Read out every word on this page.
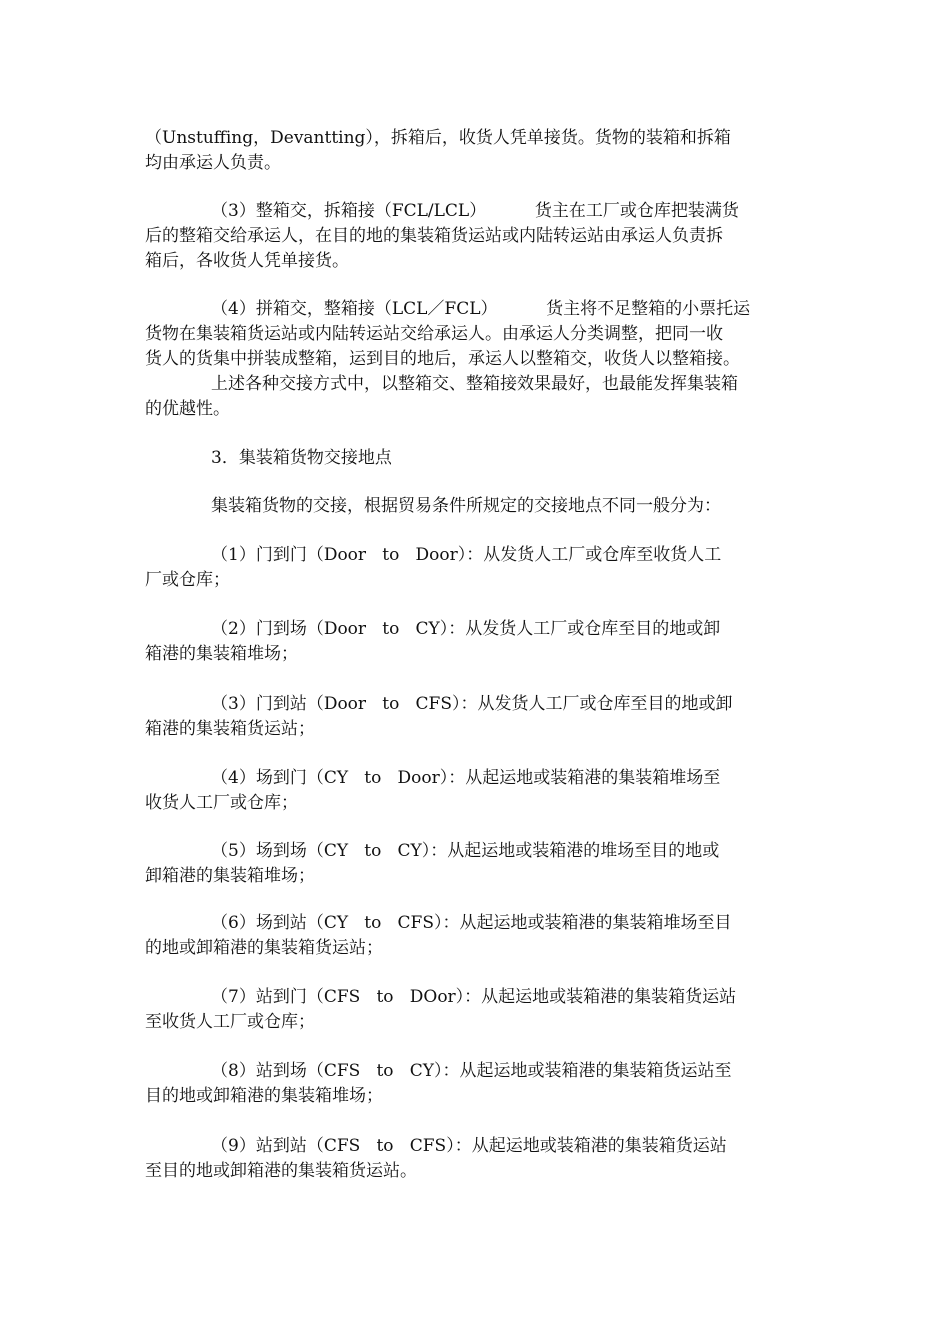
（Unstuffing，Devantting），拆箱后，收货人凭单接货。货物的装箱和拆箱
均由承运人负责。
（3）整箱交，拆箱接（FCL/LCL）         货主在工厂或仓库把装满货
后的整箱交给承运人，在目的地的集装箱货运站或内陆转运站由承运人负责拆
箱后，各收货人凭单接货。
（4）拼箱交，整箱接（LCL／FCL）         货主将不足整箱的小票托运
货物在集装箱货运站或内陆转运站交给承运人。由承运人分类调整，把同一收
货人的货集中拼装成整箱，运到目的地后，承运人以整箱交，收货人以整箱接。
上述各种交接方式中，以整箱交、整箱接效果最好，也最能发挥集装箱
的优越性。
3．集装箱货物交接地点
集装箱货物的交接，根据贸易条件所规定的交接地点不同一般分为：
（1）门到门（Door   to   Door）：从发货人工厂或仓库至收货人工
厂或仓库；
（2）门到场（Door   to   CY）：从发货人工厂或仓库至目的地或卸
箱港的集装箱堆场；
（3）门到站（Door   to   CFS）：从发货人工厂或仓库至目的地或卸
箱港的集装箱货运站；
（4）场到门（CY   to   Door）：从起运地或装箱港的集装箱堆场至
收货人工厂或仓库；
（5）场到场（CY   to   CY）：从起运地或装箱港的堆场至目的地或
卸箱港的集装箱堆场；
（6）场到站（CY   to   CFS）：从起运地或装箱港的集装箱堆场至目
的地或卸箱港的集装箱货运站；
（7）站到门（CFS   to   DOor）：从起运地或装箱港的集装箱货运站
至收货人工厂或仓库；
（8）站到场（CFS   to   CY）：从起运地或装箱港的集装箱货运站至
目的地或卸箱港的集装箱堆场；
（9）站到站（CFS   to   CFS）：从起运地或装箱港的集装箱货运站
至目的地或卸箱港的集装箱货运站。
